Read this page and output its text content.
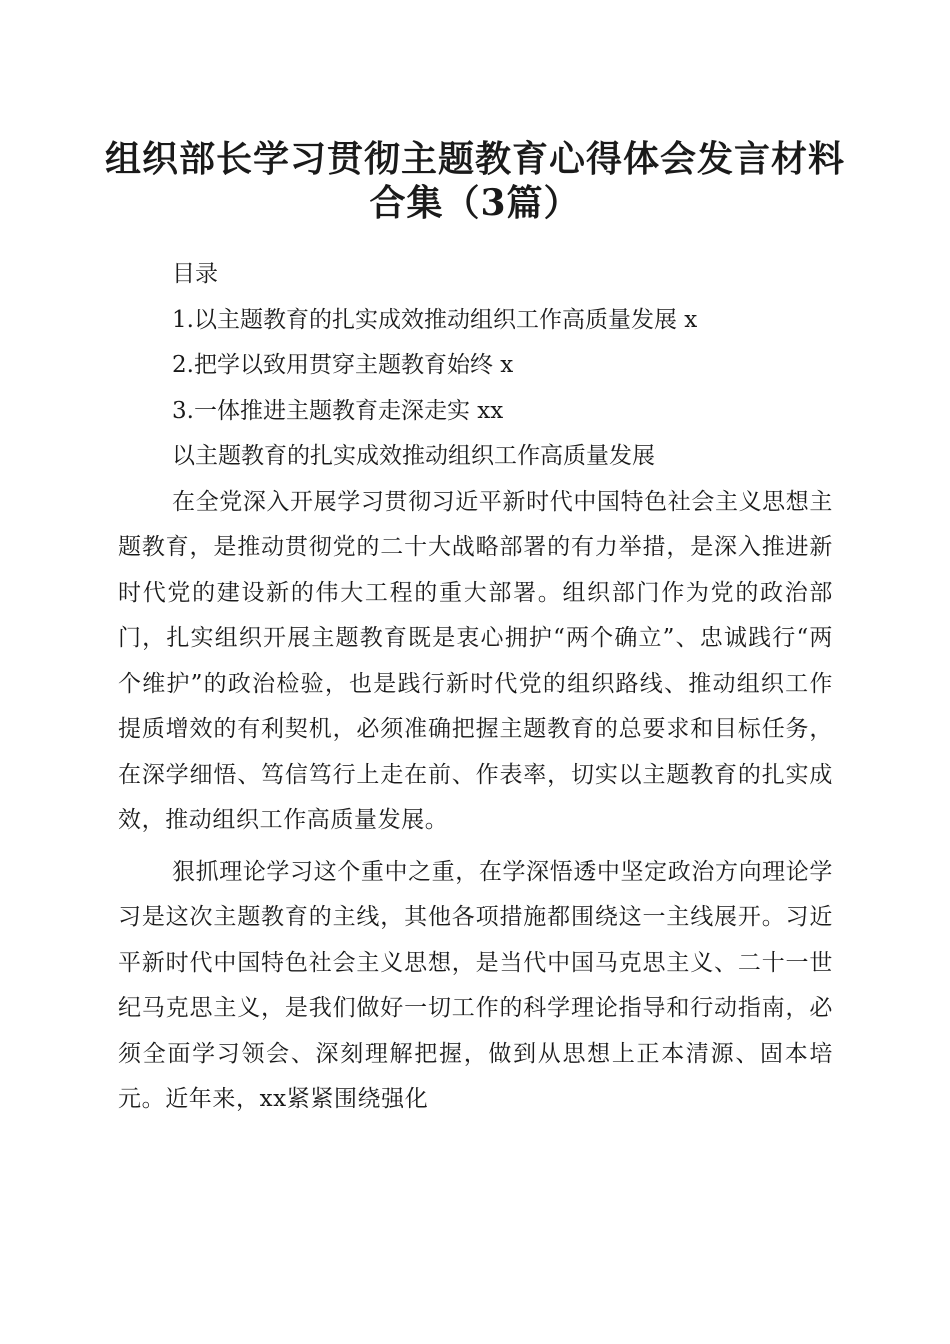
组织部长学习贯彻主题教育心得体会发言材料
合集（3篇）
目录
1.以主题教育的扎实成效推动组织工作高质量发展 x
2.把学以致用贯穿主题教育始终 x
3.一体推进主题教育走深走实 xx
以主题教育的扎实成效推动组织工作高质量发展

在全党深入开展学习贯彻习近平新时代中国特色社会主义思想主题教育，是推动贯彻党的二十大战略部署的有力举措，是深入推进新时代党的建设新的伟大工程的重大部署。组织部门作为党的政治部门，扎实组织开展主题教育既是衷心拥护“两个确立”、忠诚践行“两个维护”的政治检验，也是践行新时代党的组织路线、推动组织工作提质增效的有利契机，必须准确把握主题教育的总要求和目标任务，在深学细悟、笃信笃行上走在前、作表率，切实以主题教育的扎实成效，推动组织工作高质量发展。

狠抓理论学习这个重中之重，在学深悟透中坚定政治方向理论学习是这次主题教育的主线，其他各项措施都围绕这一主线展开。习近平新时代中国特色社会主义思想，是当代中国马克思主义、二十一世纪马克思主义，是我们做好一切工作的科学理论指导和行动指南，必须全面学习领会、深刻理解把握，做到从思想上正本清源、固本培元。近年来，xx紧紧围绕强化
